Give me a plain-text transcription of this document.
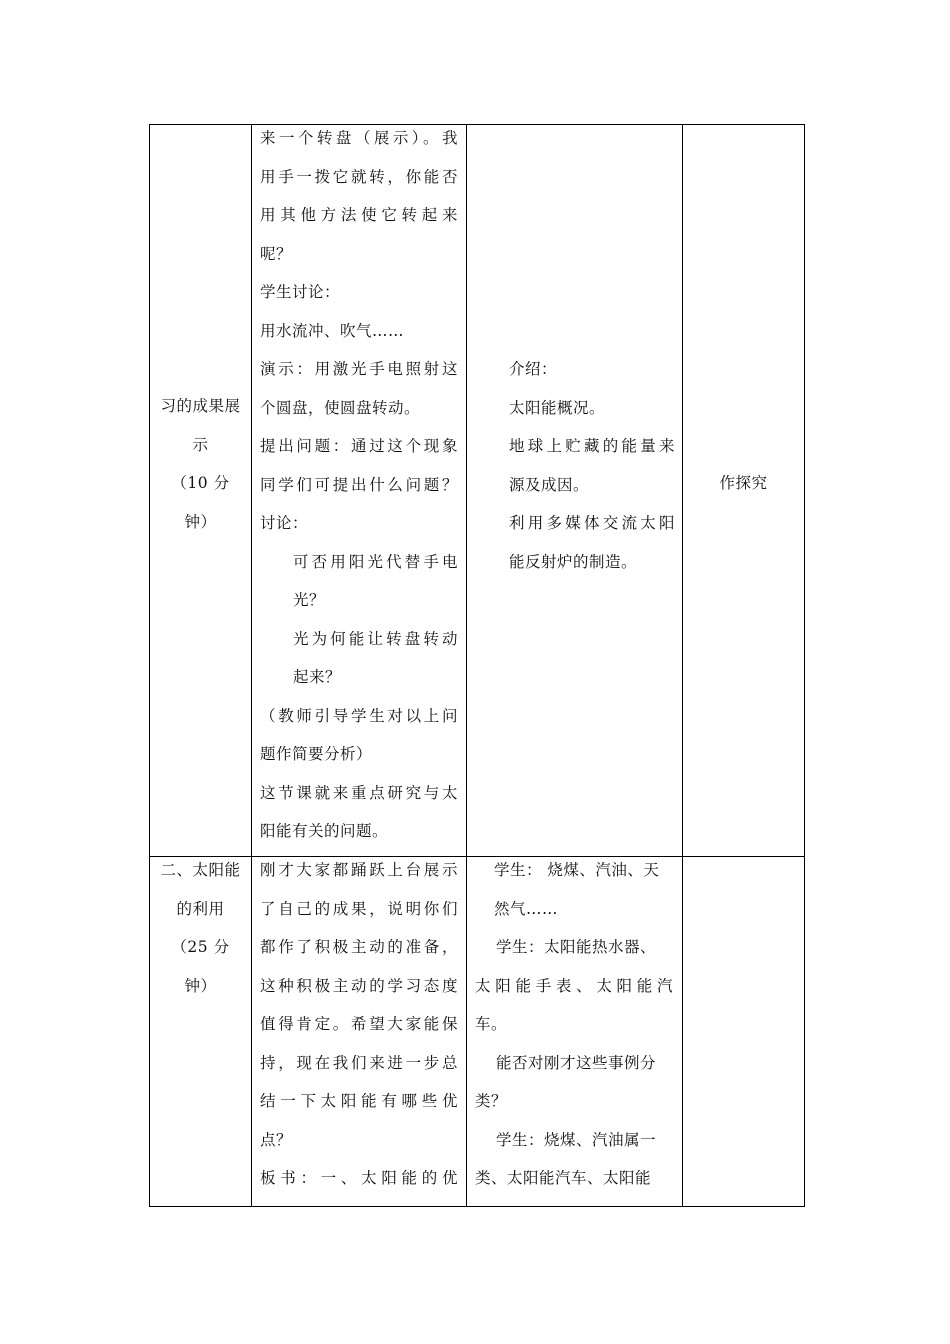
习的成果展
示
（10 分
钟）
来一个转盘（展示）。我
用手一拨它就转，你能否
用其他方法使它转起来
呢？
学生讨论：
用水流冲、吹气……
演示：用激光手电照射这
个圆盘，使圆盘转动。
提出问题：通过这个现象
同学们可提出什么问题？
讨论：
可否用阳光代替手电
光？
光为何能让转盘转动
起来？
（教师引导学生对以上问
题作简要分析）
这节课就来重点研究与太
阳能有关的问题。
介绍：
太阳能概况。
地球上贮藏的能量来
源及成因。
利用多媒体交流太阳
能反射炉的制造。
作探究
二、太阳能
的利用
（25 分
钟）
刚才大家都踊跃上台展示
了自己的成果，说明你们
都作了积极主动的准备，
这种积极主动的学习态度
值得肯定。希望大家能保
持，现在我们来进一步总
结一下太阳能有哪些优
点？
板书：一、太阳能的优
学生： 烧煤、汽油、天
然气……
学生：太阳能热水器、
太阳能手表、太阳能汽
车。
能否对刚才这些事例分
类？
学生：烧煤、汽油属一
类、太阳能汽车、太阳能
